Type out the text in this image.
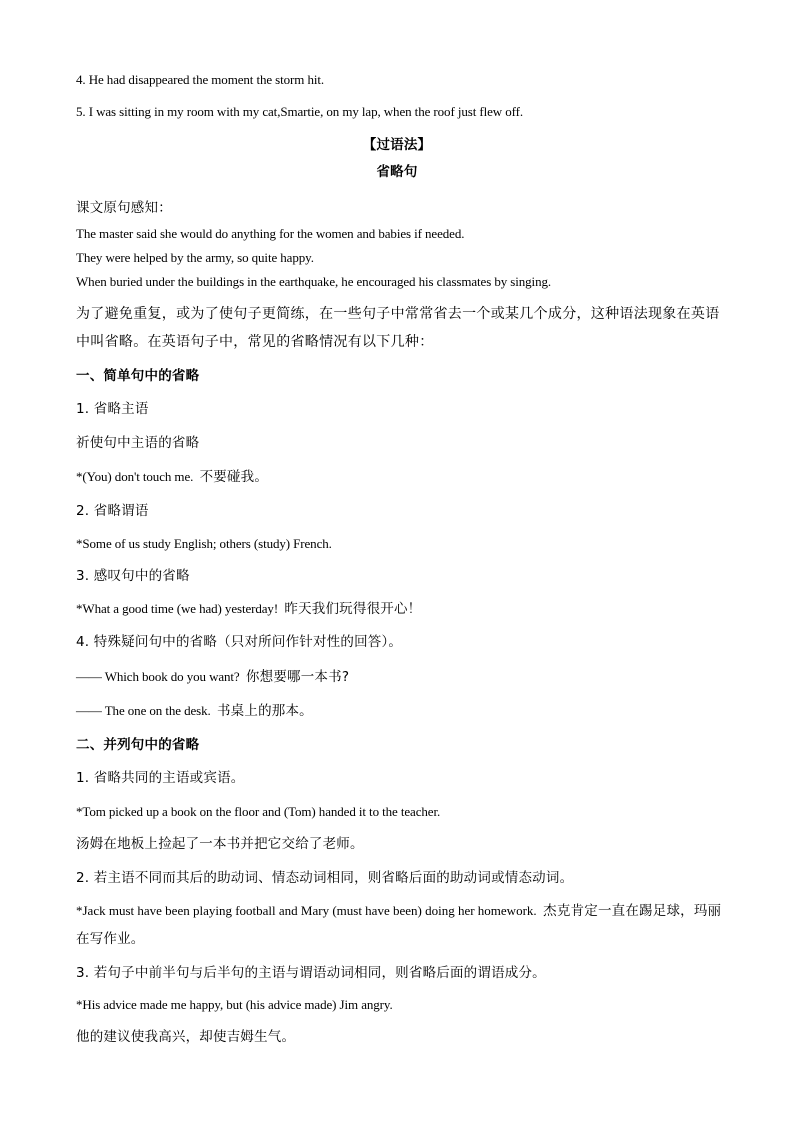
4. He had disappeared the moment the storm hit.
5. I was sitting in my room with my cat,Smartie, on my lap, when the roof just flew off.
【过语法】
省略句
课文原句感知：
The master said she would do anything for the women and babies if needed.
They were helped by the army, so quite happy.
When buried under the buildings in the earthquake, he encouraged his classmates by singing.
为了避免重复，或为了使句子更简练，在一些句子中常常省去一个或某几个成分，这种语法现象在英语中叫省略。在英语句子中，常见的省略情况有以下几种：
一、简单句中的省略
1. 省略主语
祈使句中主语的省略
*(You) don't touch me. 不要碰我。
2. 省略谓语
*Some of us study English; others (study) French.
3. 感叹句中的省略
*What a good time (we had) yesterday! 昨天我们玩得很开心！
4. 特殊疑问句中的省略（只对所问作针对性的回答）。
—— Which book do you want? 你想要哪一本书?
—— The one on the desk. 书桌上的那本。
二、并列句中的省略
1. 省略共同的主语或宾语。
*Tom picked up a book on the floor and (Tom) handed it to the teacher.
汤姆在地板上捡起了一本书并把它交给了老师。
2. 若主语不同而其后的助动词、情态动词相同，则省略后面的助动词或情态动词。
*Jack must have been playing football and Mary (must have been) doing her homework. 杰克肯定一直在踢足球，玛丽在写作业。
3. 若句子中前半句与后半句的主语与谓语动词相同，则省略后面的谓语成分。
*His advice made me happy, but (his advice made) Jim angry.
他的建议使我高兴，却使吉姆生气。
